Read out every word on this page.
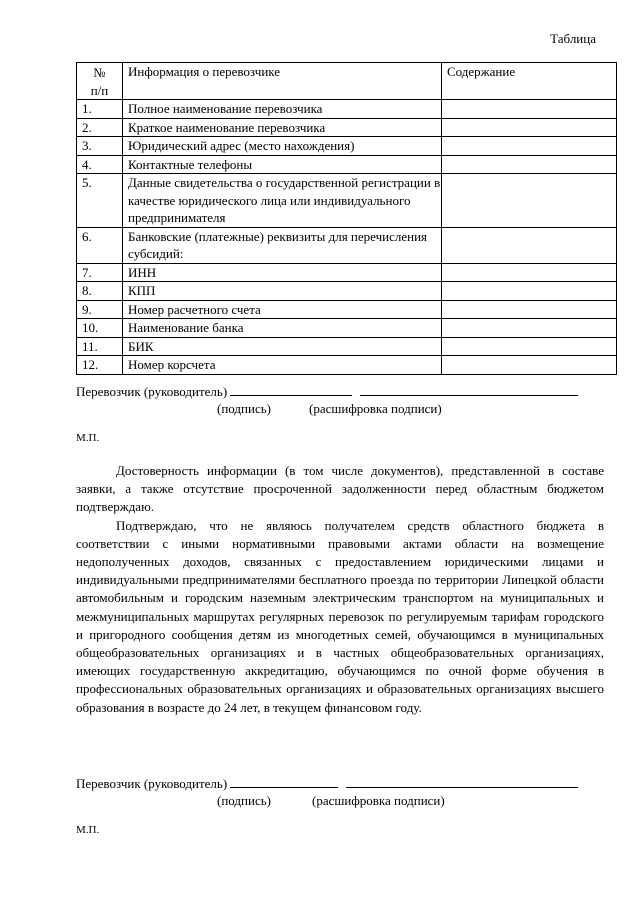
Таблица
№
п/п	Информация о перевозчике	Содержание
1.	Полное наименование перевозчика	
2.	Краткое наименование перевозчика	
3.	Юридический адрес (место нахождения)	
4.	Контактные телефоны	
5.	Данные свидетельства о государственной регистрации в качестве юридического лица или индивидуального предпринимателя	
6.	Банковские (платежные) реквизиты для перечисления субсидий:	
7.	ИНН	
8.	КПП	
9.	Номер расчетного счета	
10.	Наименование банка	
11.	БИК	
12.	Номер корсчета	
Перевозчик (руководитель)
(подпись)	(расшифровка подписи)
М.П.

Достоверность информации (в том числе документов), представленной в составе заявки, а также отсутствие просроченной задолженности перед областным бюджетом подтверждаю.

Подтверждаю, что не являюсь получателем средств областного бюджета в соответствии с иными нормативными правовыми актами области на возмещение недополученных доходов, связанных с предоставлением юридическими лицами и индивидуальными предпринимателями бесплатного проезда по территории Липецкой области автомобильным и городским наземным электрическим транспортом на муниципальных и межмуниципальных маршрутах регулярных перевозок по регулируемым тарифам городского и пригородного сообщения детям из многодетных семей, обучающимся в муниципальных общеобразовательных организациях и в частных общеобразовательных организациях, имеющих государственную аккредитацию, обучающимся по очной форме обучения в профессиональных образовательных организациях и образовательных организациях высшего образования в возрасте до 24 лет, в текущем финансовом году.

Перевозчик (руководитель)
(подпись)	(расшифровка подписи)
М.П.
